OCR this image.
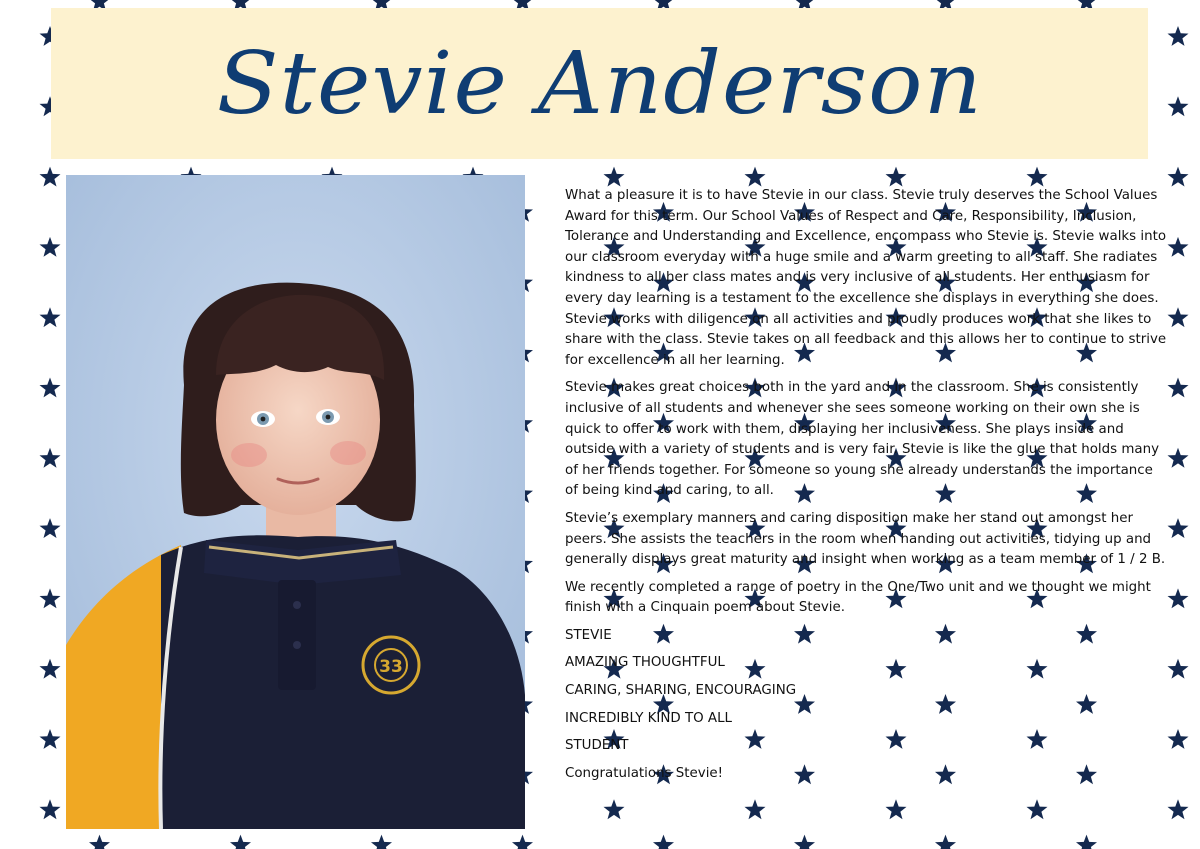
Stevie Anderson
33

What a pleasure it is to have Stevie in our class. Stevie truly deserves the School Values Award for this term. Our School Values of Respect and Care, Responsibility, Inclusion, Tolerance and Understanding and Excellence, encompass who Stevie is. Stevie walks into our classroom everyday with a huge smile and a warm greeting to all staff. She radiates kindness to all her class mates and is very inclusive of all students. Her enthusiasm for every day learning is a testament to the excellence she displays in everything she does. Stevie works with diligence on all activities and proudly produces work that she likes to share with the class. Stevie takes on all feedback and this allows her to continue to strive for excellence in all her learning.

Stevie makes great choices both in the yard and in the classroom. She is consistently inclusive of all students and whenever she sees someone working on their own she is quick to offer to work with them, displaying her inclusiveness. She plays inside and outside with a variety of students and is very fair. Stevie is like the glue that holds many of her friends together. For someone so young she already understands the importance of being kind and caring, to all.

Stevie’s exemplary manners and caring disposition make her stand out amongst her peers. She assists the teachers in the room when handing out activities, tidying up and generally displays great maturity and insight when working as a team member of 1 / 2 B.

We recently completed a range of poetry in the One/Two unit and we thought we might finish with a Cinquain poem about Stevie.

STEVIE

AMAZING THOUGHTFUL

CARING, SHARING, ENCOURAGING

INCREDIBLY KIND TO ALL

STUDENT

Congratulations Stevie!
